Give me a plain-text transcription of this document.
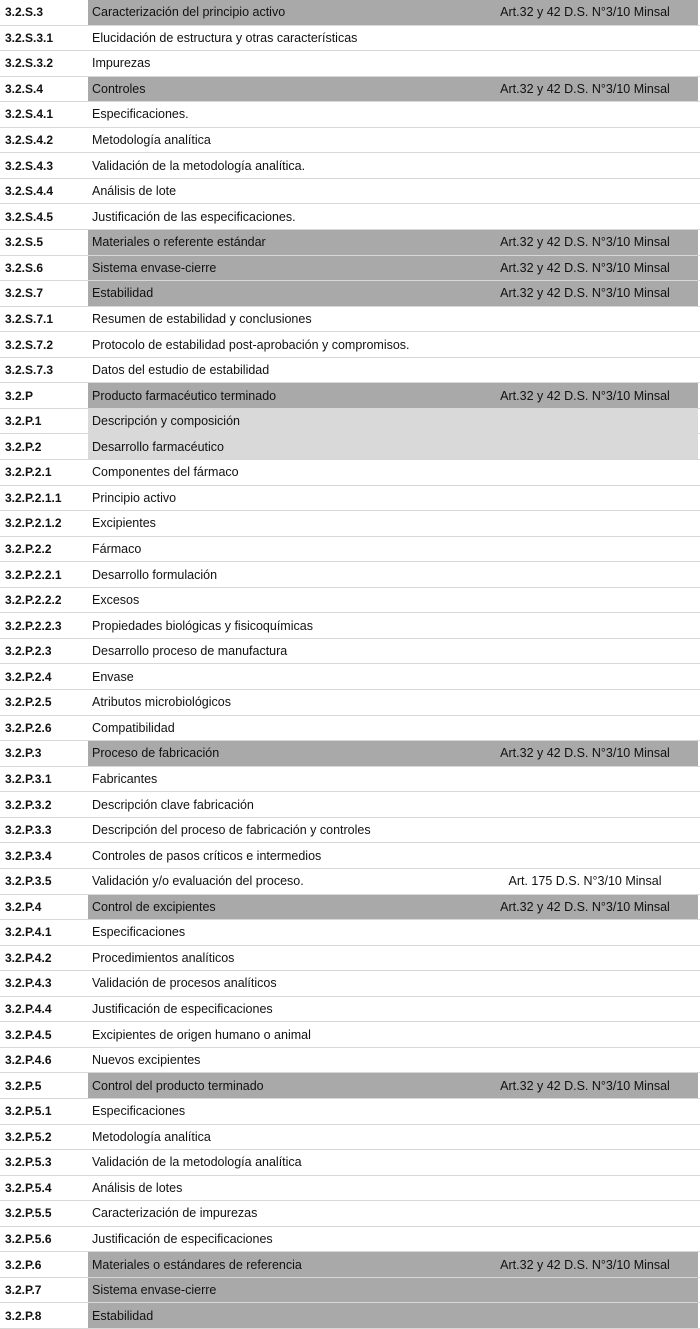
3.2.S.3	Caracterización del principio activo	Art.32 y 42 D.S. N°3/10 Minsal
3.2.S.3.1	Elucidación de estructura y otras características
3.2.S.3.2	Impurezas
3.2.S.4	Controles	Art.32 y 42 D.S. N°3/10 Minsal
3.2.S.4.1	Especificaciones.
3.2.S.4.2	Metodología analítica
3.2.S.4.3	Validación de la metodología analítica.
3.2.S.4.4	Análisis de lote
3.2.S.4.5	Justificación de las especificaciones.
3.2.S.5	Materiales o referente estándar	Art.32 y 42 D.S. N°3/10 Minsal
3.2.S.6	Sistema envase-cierre	Art.32 y 42 D.S. N°3/10 Minsal
3.2.S.7	Estabilidad	Art.32 y 42 D.S. N°3/10 Minsal
3.2.S.7.1	Resumen de estabilidad y conclusiones
3.2.S.7.2	Protocolo de estabilidad post-aprobación y compromisos.
3.2.S.7.3	Datos del estudio de estabilidad
3.2.P	Producto farmacéutico terminado	Art.32 y 42 D.S. N°3/10 Minsal
3.2.P.1	Descripción y composición
3.2.P.2	Desarrollo farmacéutico
3.2.P.2.1	Componentes del fármaco
3.2.P.2.1.1	Principio activo
3.2.P.2.1.2	Excipientes
3.2.P.2.2	Fármaco
3.2.P.2.2.1	Desarrollo formulación
3.2.P.2.2.2	Excesos
3.2.P.2.2.3	Propiedades biológicas y fisicoquímicas
3.2.P.2.3	Desarrollo proceso de manufactura
3.2.P.2.4	Envase
3.2.P.2.5	Atributos microbiológicos
3.2.P.2.6	Compatibilidad
3.2.P.3	Proceso de fabricación	Art.32 y 42 D.S. N°3/10 Minsal
3.2.P.3.1	Fabricantes
3.2.P.3.2	Descripción clave fabricación
3.2.P.3.3	Descripción del proceso de fabricación y controles
3.2.P.3.4	Controles de pasos críticos e intermedios
3.2.P.3.5	Validación y/o evaluación del proceso.	Art. 175 D.S. N°3/10 Minsal
3.2.P.4	Control de excipientes	Art.32 y 42 D.S. N°3/10 Minsal
3.2.P.4.1	Especificaciones
3.2.P.4.2	Procedimientos analíticos
3.2.P.4.3	Validación de procesos analíticos
3.2.P.4.4	Justificación de especificaciones
3.2.P.4.5	Excipientes de origen humano o animal
3.2.P.4.6	Nuevos excipientes
3.2.P.5	Control del producto terminado	Art.32 y 42 D.S. N°3/10 Minsal
3.2.P.5.1	Especificaciones
3.2.P.5.2	Metodología analítica
3.2.P.5.3	Validación de la metodología analítica
3.2.P.5.4	Análisis de lotes
3.2.P.5.5	Caracterización de impurezas
3.2.P.5.6	Justificación de especificaciones
3.2.P.6	Materiales o estándares de referencia	Art.32 y 42 D.S. N°3/10 Minsal
3.2.P.7	Sistema envase-cierre
3.2.P.8	Estabilidad
